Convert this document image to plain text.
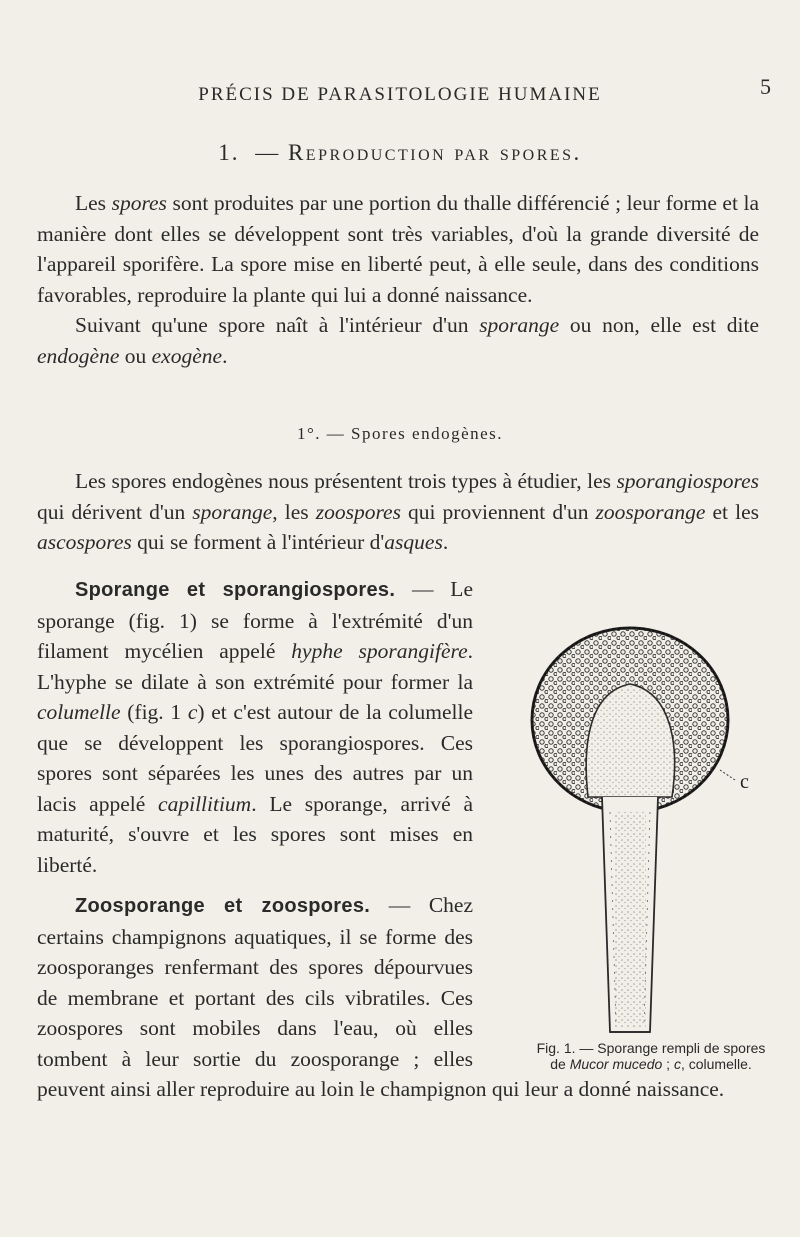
PRÉCIS DE PARASITOLOGIE HUMAINE	5
1. — Reproduction par spores.

Les spores sont produites par une portion du thalle différencié ; leur forme et la manière dont elles se développent sont très variables, d'où la grande diversité de l'appareil sporifère. La spore mise en liberté peut, à elle seule, dans des conditions favorables, reproduire la plante qui lui a donné naissance.

Suivant qu'une spore naît à l'intérieur d'un sporange ou non, elle est dite endogène ou exogène.

1°. — Spores endogènes.

Les spores endogènes nous présentent trois types à étudier, les sporangiospores qui dérivent d'un sporange, les zoospores qui proviennent d'un zoosporange et les ascospores qui se forment à l'intérieur d'asques.

Sporange et sporangiospores. — Le sporange (fig. 1) se forme à l'extrémité d'un filament mycélien appelé hyphe sporangifère. L'hyphe se dilate à son extrémité pour former la columelle (fig. 1 c) et c'est autour de la columelle que se développent les sporangiospores. Ces spores sont séparées les unes des autres par un lacis appelé capillitium. Le sporange, arrivé à maturité, s'ouvre et les spores sont mises en liberté.

Zoosporange et zoospores. — Chez certains champignons aquatiques, il se forme des zoosporanges renfermant des spores dépourvues de membrane et portant des cils vibratiles. Ces zoospores sont mobiles dans l'eau, où elles tombent à leur sortie du zoosporange ; elles peuvent ainsi aller reproduire au loin le champignon qui leur a donné naissance.

c
Fig. 1. — Sporange rempli de spores de Mucor mucedo ; c, columelle.
